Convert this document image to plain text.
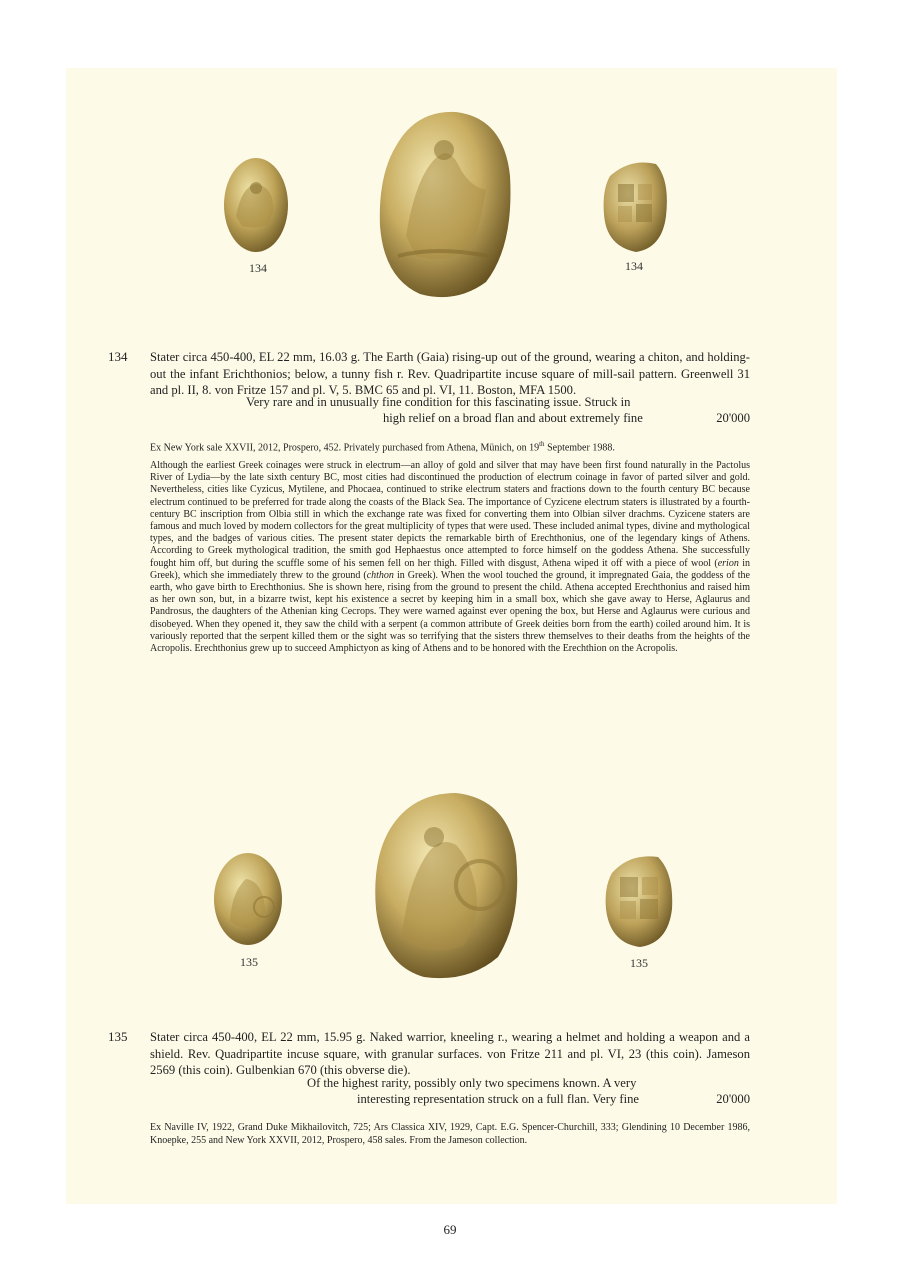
134	134
134 Stater circa 450-400, EL 22 mm, 16.03 g. The Earth (Gaia) rising-up out of the ground, wearing a chiton, and holding-out the infant Erichthonios; below, a tunny fish r. Rev. Quadripartite incuse square of mill-sail pattern. Greenwell 31 and pl. II, 8. von Fritze 157 and pl. V, 5. BMC 65 and pl. VI, 11. Boston, MFA 1500.
Very rare and in unusually fine condition for this fascinating issue. Struck in
high relief on a broad flan and about extremely fine	20'000
Ex New York sale XXVII, 2012, Prospero, 452. Privately purchased from Athena, Münich, on 19th September 1988.
Although the earliest Greek coinages were struck in electrum—an alloy of gold and silver that may have been first found naturally in the Pactolus River of Lydia—by the late sixth century BC, most cities had discontinued the production of electrum coinage in favor of parted silver and gold. Nevertheless, cities like Cyzicus, Mytilene, and Phocaea, continued to strike electrum staters and fractions down to the fourth century BC because electrum continued to be preferred for trade along the coasts of the Black Sea. The importance of Cyzicene electrum staters is illustrated by a fourth-century BC inscription from Olbia still in which the exchange rate was fixed for converting them into Olbian silver drachms. Cyzicene staters are famous and much loved by modern collectors for the great multiplicity of types that were used. These included animal types, divine and mythological types, and the badges of various cities. The present stater depicts the remarkable birth of Erechthonius, one of the legendary kings of Athens. According to Greek mythological tradition, the smith god Hephaestus once attempted to force himself on the goddess Athena. She successfully fought him off, but during the scuffle some of his semen fell on her thigh. Filled with disgust, Athena wiped it off with a piece of wool (erion in Greek), which she immediately threw to the ground (chthon in Greek). When the wool touched the ground, it impregnated Gaia, the goddess of the earth, who gave birth to Erechthonius. She is shown here, rising from the ground to present the child. Athena accepted Erechthonius and raised him as her own son, but, in a bizarre twist, kept his existence a secret by keeping him in a small box, which she gave away to Herse, Aglaurus and Pandrosus, the daughters of the Athenian king Cecrops. They were warned against ever opening the box, but Herse and Aglaurus were curious and disobeyed. When they opened it, they saw the child with a serpent (a common attribute of Greek deities born from the earth) coiled around him. It is variously reported that the serpent killed them or the sight was so terrifying that the sisters threw themselves to their deaths from the heights of the Acropolis. Erechthonius grew up to succeed Amphictyon as king of Athens and to be honored with the Erechthion on the Acropolis.
135	135
135 Stater circa 450-400, EL 22 mm, 15.95 g. Naked warrior, kneeling r., wearing a helmet and holding a weapon and a shield. Rev. Quadripartite incuse square, with granular surfaces. von Fritze 211 and pl. VI, 23 (this coin). Jameson 2569 (this coin). Gulbenkian 670 (this obverse die).
Of the highest rarity, possibly only two specimens known. A very
interesting representation struck on a full flan. Very fine	20'000
Ex Naville IV, 1922, Grand Duke Mikhailovitch, 725; Ars Classica XIV, 1929, Capt. E.G. Spencer-Churchill, 333; Glendining 10 December 1986, Knoepke, 255 and New York XXVII, 2012, Prospero, 458 sales. From the Jameson collection.
69
